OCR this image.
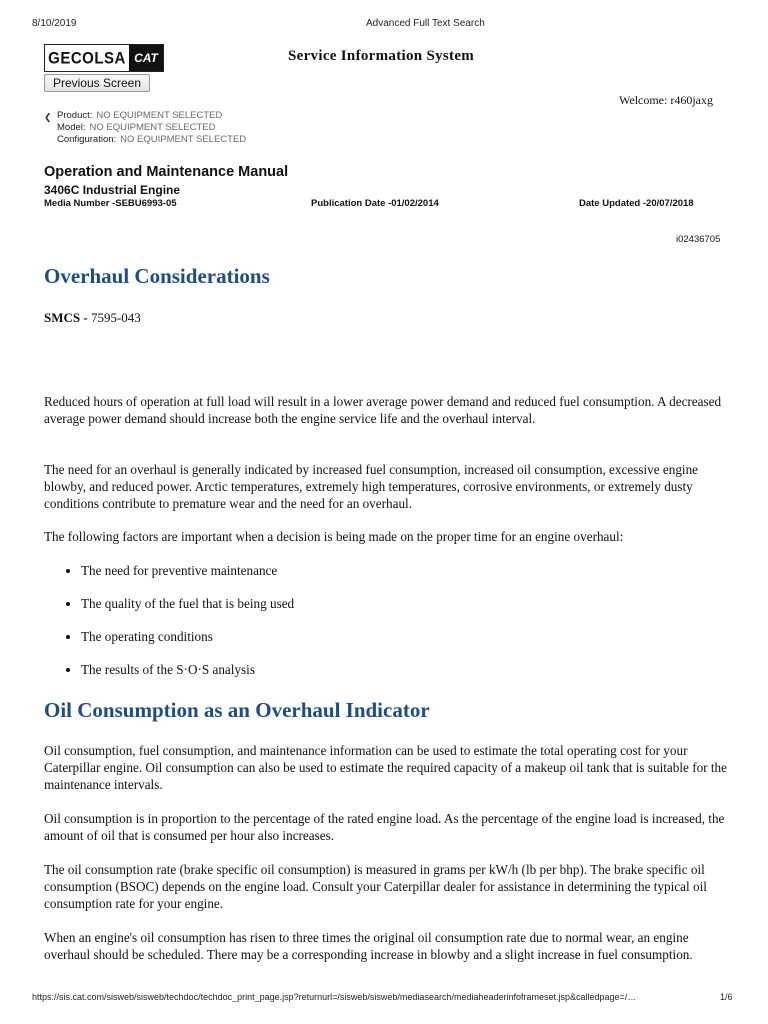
8/10/2019	Advanced Full Text Search
GECOLSA CAT
Previous Screen
Service Information System
Welcome: r460jaxg
❮ Product: NO EQUIPMENT SELECTED
Model: NO EQUIPMENT SELECTED
Configuration: NO EQUIPMENT SELECTED
Operation and Maintenance Manual
3406C Industrial Engine
Media Number -SEBU6993-05	Publication Date -01/02/2014	Date Updated -20/07/2018
i02436705
Overhaul Considerations
SMCS - 7595-043

Reduced hours of operation at full load will result in a lower average power demand and reduced fuel consumption. A decreased average power demand should increase both the engine service life and the overhaul interval.

The need for an overhaul is generally indicated by increased fuel consumption, increased oil consumption, excessive engine blowby, and reduced power. Arctic temperatures, extremely high temperatures, corrosive environments, or extremely dusty conditions contribute to premature wear and the need for an overhaul.

The following factors are important when a decision is being made on the proper time for an engine overhaul:

• The need for preventive maintenance
• The quality of the fuel that is being used
• The operating conditions
• The results of the S·O·S analysis
Oil Consumption as an Overhaul Indicator

Oil consumption, fuel consumption, and maintenance information can be used to estimate the total operating cost for your Caterpillar engine. Oil consumption can also be used to estimate the required capacity of a makeup oil tank that is suitable for the maintenance intervals.

Oil consumption is in proportion to the percentage of the rated engine load. As the percentage of the engine load is increased, the amount of oil that is consumed per hour also increases.

The oil consumption rate (brake specific oil consumption) is measured in grams per kW/h (lb per bhp). The brake specific oil consumption (BSOC) depends on the engine load. Consult your Caterpillar dealer for assistance in determining the typical oil consumption rate for your engine.

When an engine's oil consumption has risen to three times the original oil consumption rate due to normal wear, an engine overhaul should be scheduled. There may be a corresponding increase in blowby and a slight increase in fuel consumption.

https://sis.cat.com/sisweb/sisweb/techdoc/techdoc_print_page.jsp?returnurl=/sisweb/sisweb/mediasearch/mediaheaderinfoframeset.jsp&calledpage=/…	1/6
